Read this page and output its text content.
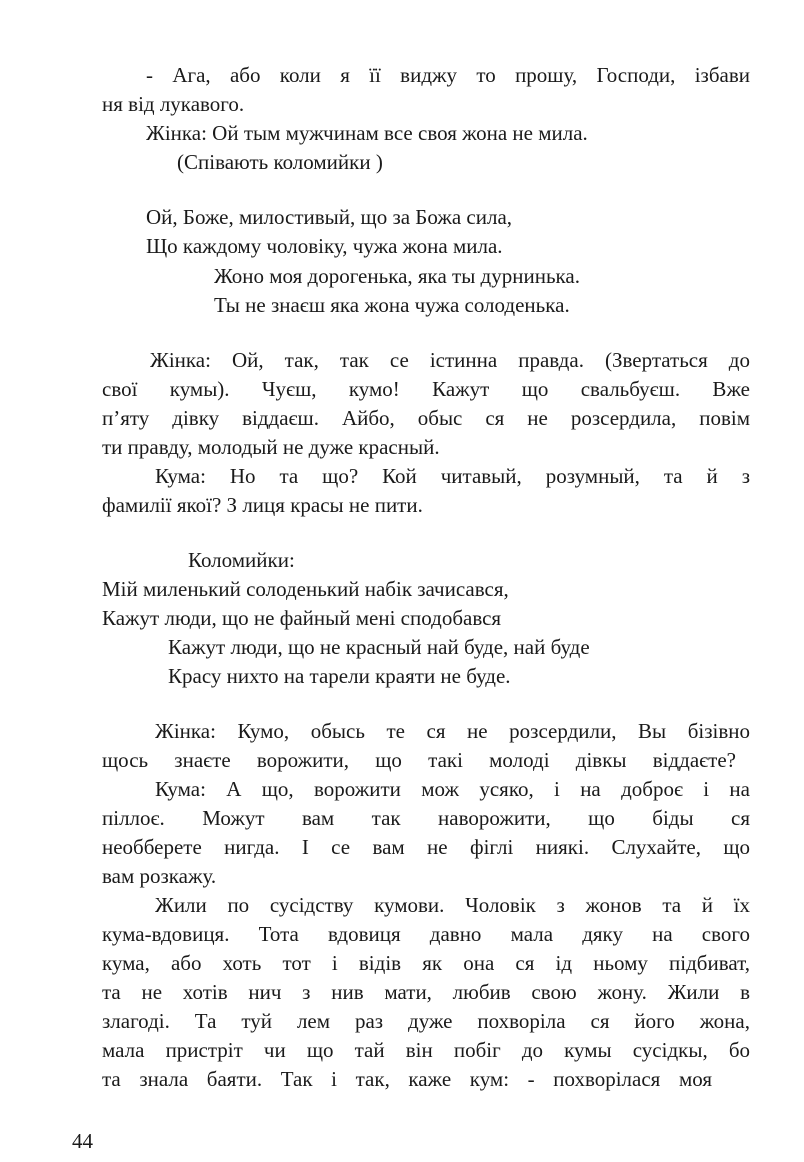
- Ага, або коли я її виджу то прошу, Господи, ізбави
ня від лукавого.
Жінка: Ой тым мужчинам все своя жона не мила.
(Співають коломийки )
Ой, Боже, милостивый, що за Божа сила,
Що каждому чоловіку, чужа жона мила.
Жоно моя дорогенька, яка ты дурнинька.
Ты не знаєш яка жона чужа солоденька.
Жінка: Ой, так, так се істинна правда. (Звертаться до
свої кумы). Чуєш, кумо! Кажут що свальбуєш. Вже
п’яту дівку віддаєш. Айбо, обыс ся не розсердила, повім
ти правду, молодый не дуже красный.
Кума: Но та що? Кой читавый, розумный, та й з
фамилії якої? З лиця красы не пити.
Коломийки:
Мій миленький солоденький набік зачисався,
Кажут люди, що не файный мені сподобався
Кажут люди, що не красный най буде, най буде
Красу нихто на тарели краяти не буде.
Жінка: Кумо, обысь те ся не розсердили, Вы бізівно
щось знаєте ворожити, що такі молоді дівкы віддаєте?
Кума: А що, ворожити мож усяко, і на доброє і на
піллоє. Можут вам так наворожити, що біды ся
необберете нигда. І се вам не фіглі ниякі. Слухайте, що
вам розкажу.
Жили по сусідству кумови. Чоловік з жонов та й їх
кума-вдовиця. Тота вдовиця давно мала дяку на свого
кума, або хоть тот і відів як она ся ід ньому підбиват,
та не хотів нич з нив мати, любив свою жону. Жили в
злагоді. Та туй лем раз дуже похворіла ся його жона,
мала пристріт чи що тай він побіг до кумы сусідкы, бо
та знала баяти. Так і так, каже кум: - похворілася моя
44
